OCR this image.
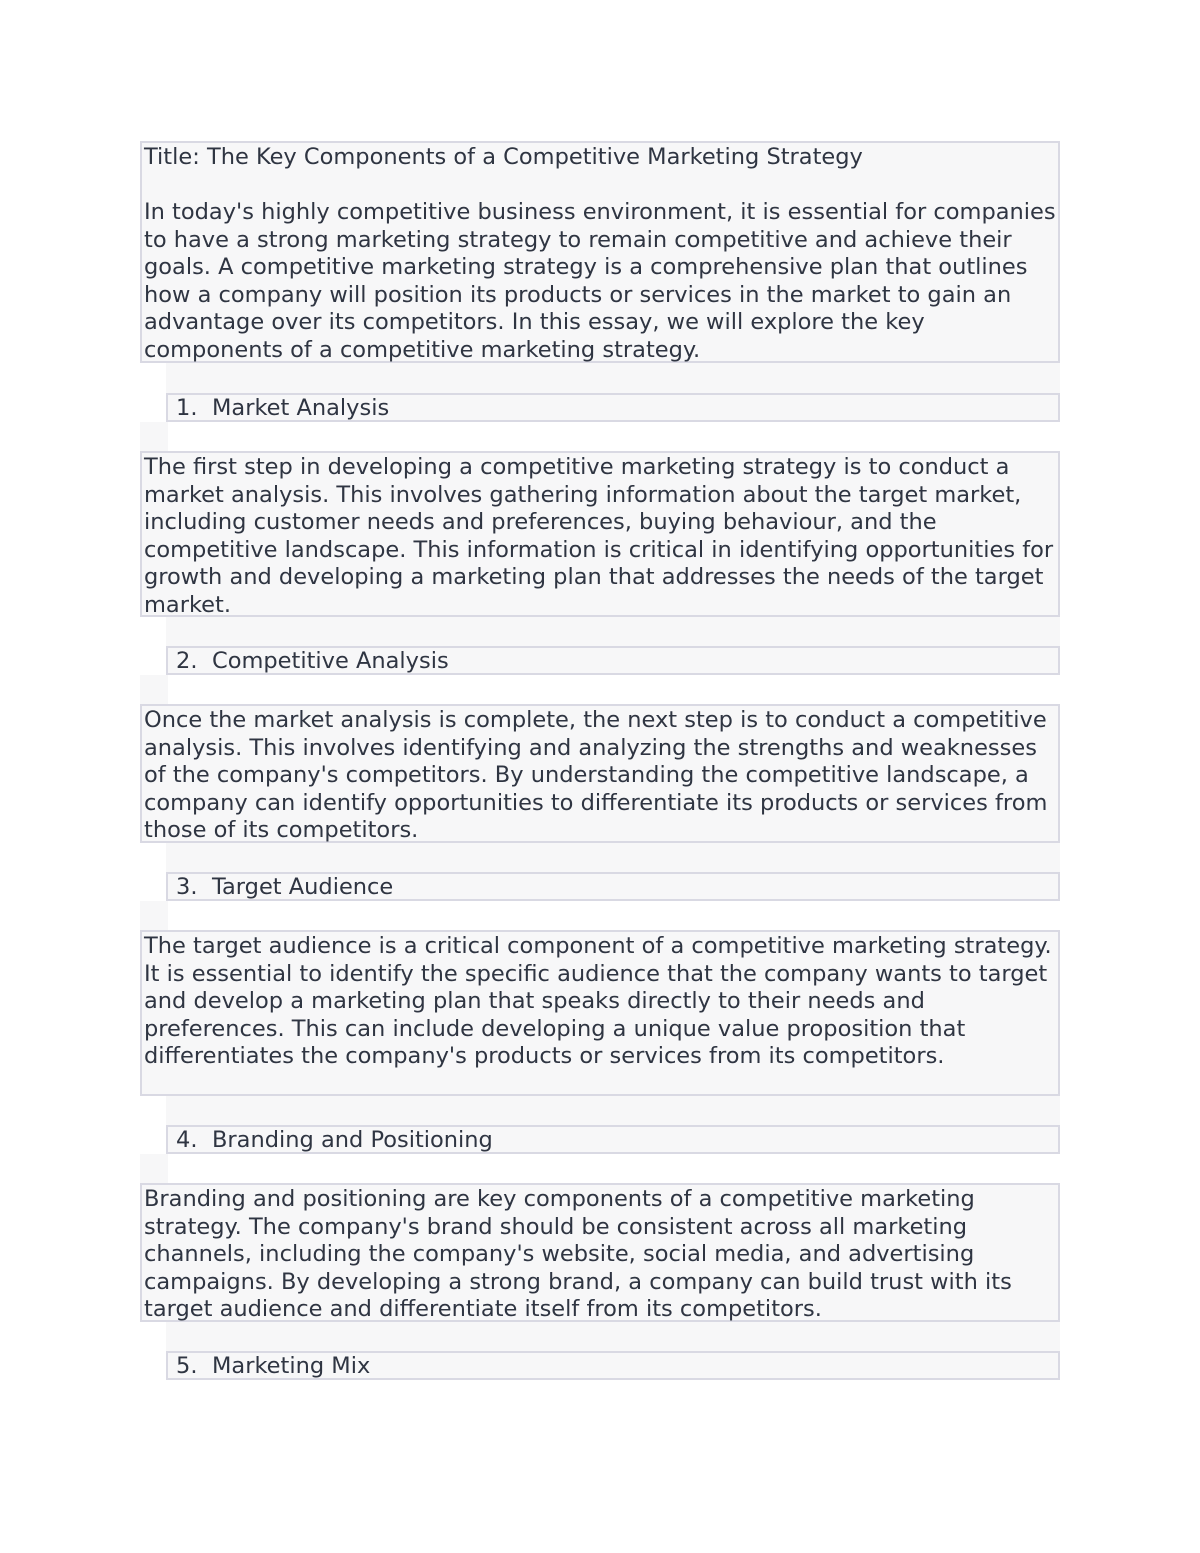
Title: The Key Components of a Competitive Marketing Strategy

In today's highly competitive business environment, it is essential for companies to have a strong marketing strategy to remain competitive and achieve their goals. A competitive marketing strategy is a comprehensive plan that outlines how a company will position its products or services in the market to gain an advantage over its competitors. In this essay, we will explore the key components of a competitive marketing strategy.

1. Market Analysis

The first step in developing a competitive marketing strategy is to conduct a market analysis. This involves gathering information about the target market, including customer needs and preferences, buying behaviour, and the competitive landscape. This information is critical in identifying opportunities for growth and developing a marketing plan that addresses the needs of the target market.

2. Competitive Analysis

Once the market analysis is complete, the next step is to conduct a competitive analysis. This involves identifying and analyzing the strengths and weaknesses of the company's competitors. By understanding the competitive landscape, a company can identify opportunities to differentiate its products or services from those of its competitors.

3. Target Audience

The target audience is a critical component of a competitive marketing strategy. It is essential to identify the specific audience that the company wants to target and develop a marketing plan that speaks directly to their needs and preferences. This can include developing a unique value proposition that differentiates the company's products or services from its competitors.

4. Branding and Positioning

Branding and positioning are key components of a competitive marketing strategy. The company's brand should be consistent across all marketing channels, including the company's website, social media, and advertising campaigns. By developing a strong brand, a company can build trust with its target audience and differentiate itself from its competitors.

5. Marketing Mix
